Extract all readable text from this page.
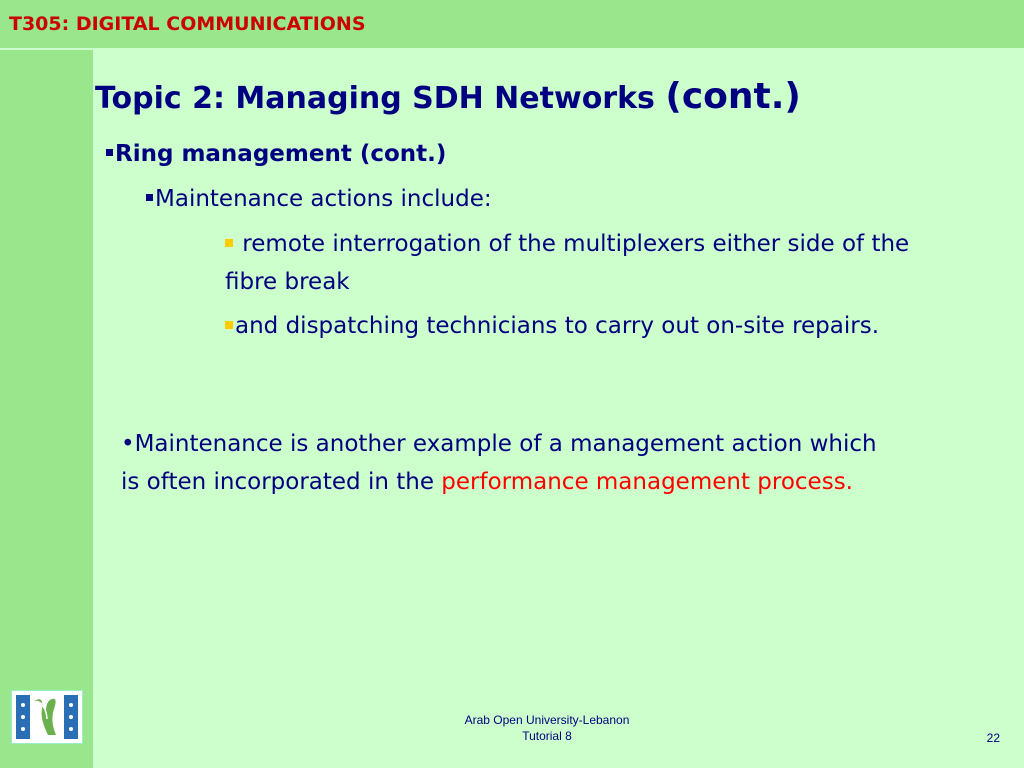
T305: DIGITAL COMMUNICATIONS
Topic 2: Managing SDH Networks (cont.)
Ring management (cont.)
Maintenance actions include:
remote interrogation of the multiplexers either side of the fibre break
and dispatching technicians to carry out on-site repairs.
•Maintenance is another example of a management action which is often incorporated in the performance management process.
Arab Open University-Lebanon
Tutorial 8	22
